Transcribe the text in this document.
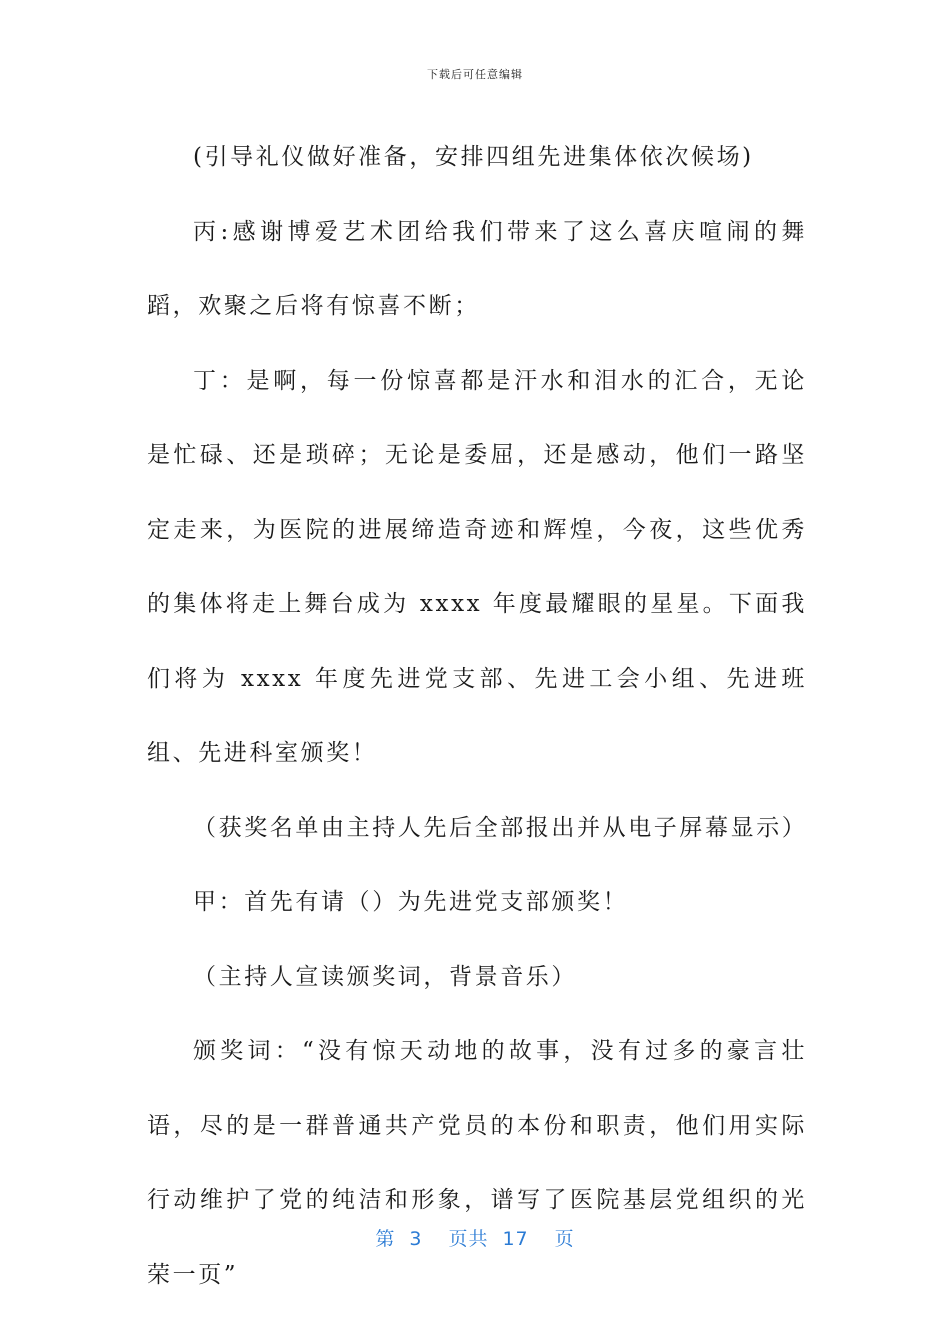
下载后可任意编辑

(引导礼仪做好准备，安排四组先进集体依次候场)

丙:感谢博爱艺术团给我们带来了这么喜庆喧闹的舞蹈，欢聚之后将有惊喜不断；

丁：是啊，每一份惊喜都是汗水和泪水的汇合，无论是忙碌、还是琐碎；无论是委屈，还是感动，他们一路坚定走来，为医院的进展缔造奇迹和辉煌，今夜，这些优秀的集体将走上舞台成为 xxxx 年度最耀眼的星星。下面我们将为 xxxx 年度先进党支部、先进工会小组、先进班组、先进科室颁奖！

（获奖名单由主持人先后全部报出并从电子屏幕显示）

甲：首先有请（）为先进党支部颁奖！

（主持人宣读颁奖词，背景音乐）

颁奖词：“没有惊天动地的故事，没有过多的豪言壮语，尽的是一群普通共产党员的本份和职责，他们用实际行动维护了党的纯洁和形象，谱写了医院基层党组织的光荣一页”

第 3 页共 17 页
